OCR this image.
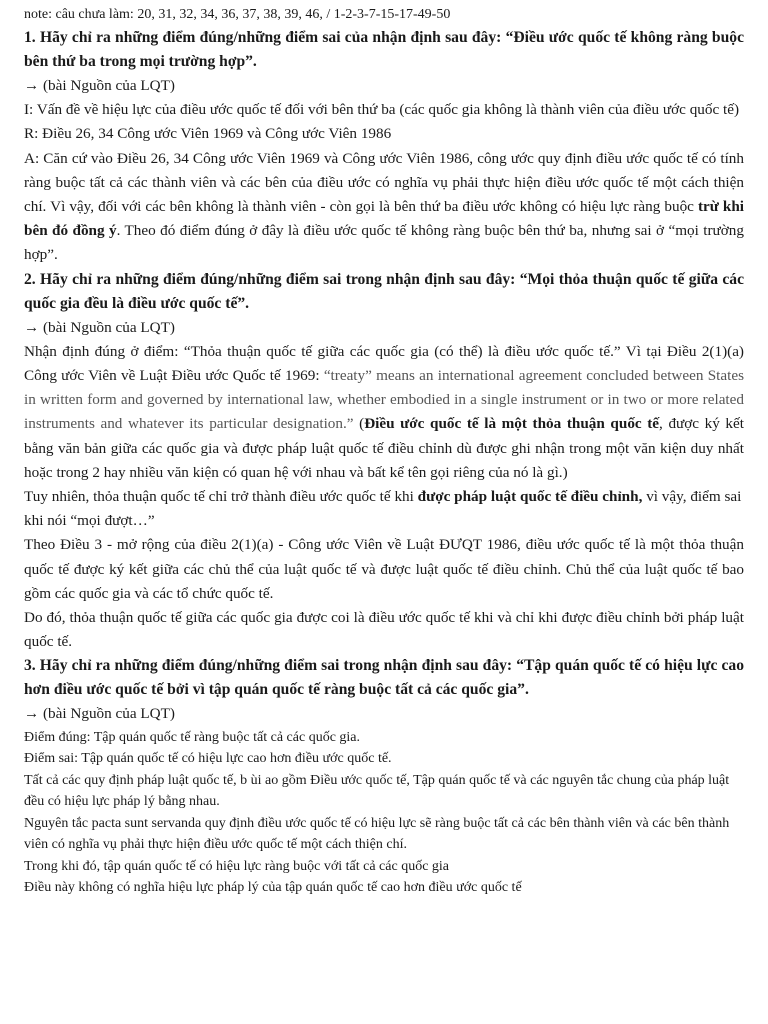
note: câu chưa làm: 20, 31, 32, 34, 36, 37, 38, 39, 46, / 1-2-3-7-15-17-49-50

1. Hãy chỉ ra những điểm đúng/những điểm sai của nhận định sau đây: “Điều ước quốc tế không ràng buộc bên thứ ba trong mọi trường hợp”.

→ (bài Nguồn của LQT)

I: Vấn đề về hiệu lực của điều ước quốc tế đối với bên thứ ba (các quốc gia không là thành viên của điều ước quốc tế)

R: Điều 26, 34 Công ước Viên 1969 và Công ước Viên 1986

A: Căn cứ vào Điều 26, 34 Công ước Viên 1969 và Công ước Viên 1986, công ước quy định điều ước quốc tế có tính ràng buộc tất cả các thành viên và các bên của điều ước có nghĩa vụ phải thực hiện điều ước quốc tế một cách thiện chí. Vì vậy, đối với các bên không là thành viên - còn gọi là bên thứ ba điều ước không có hiệu lực ràng buộc trừ khi bên đó đồng ý. Theo đó điểm đúng ở đây là điều ước quốc tế không ràng buộc bên thứ ba, nhưng sai ở “mọi trường hợp”.

2. Hãy chỉ ra những điểm đúng/những điểm sai trong nhận định sau đây: “Mọi thỏa thuận quốc tế giữa các quốc gia đều là điều ước quốc tế”.

→ (bài Nguồn của LQT)

Nhận định đúng ở điểm: “Thỏa thuận quốc tế giữa các quốc gia (có thể) là điều ước quốc tế.” Vì tại Điều 2(1)(a) Công ước Viên về Luật Điều ước Quốc tế 1969: “treaty” means an international agreement concluded between States in written form and governed by international law, whether embodied in a single instrument or in two or more related instruments and whatever its particular designation.” (Điều ước quốc tế là một thỏa thuận quốc tế, được ký kết bằng văn bản giữa các quốc gia và được pháp luật quốc tế điều chỉnh dù được ghi nhận trong một văn kiện duy nhất hoặc trong 2 hay nhiều văn kiện có quan hệ với nhau và bất kể tên gọi riêng của nó là gì.)

Tuy nhiên, thỏa thuận quốc tế chỉ trở thành điều ước quốc tế khi được pháp luật quốc tế điều chỉnh, vì vậy, điểm sai khi nói “mọi đượt…”

Theo Điều 3 - mở rộng của điều 2(1)(a) - Công ước Viên về Luật ĐƯQT 1986, điều ước quốc tế là một thỏa thuận quốc tế được ký kết giữa các chủ thể của luật quốc tế và được luật quốc tế điều chỉnh. Chủ thể của luật quốc tế bao gồm các quốc gia và các tổ chức quốc tế.

Do đó, thỏa thuận quốc tế giữa các quốc gia được coi là điều ước quốc tế khi và chỉ khi được điều chỉnh bởi pháp luật quốc tế.

3. Hãy chỉ ra những điểm đúng/những điểm sai trong nhận định sau đây: “Tập quán quốc tế có hiệu lực cao hơn điều ước quốc tế bởi vì tập quán quốc tế ràng buộc tất cả các quốc gia”.

→ (bài Nguồn của LQT)

Điểm đúng: Tập quán quốc tế ràng buộc tất cả các quốc gia.

Điểm sai: Tập quán quốc tế có hiệu lực cao hơn điều ước quốc tế.

Tất cả các quy định pháp luật quốc tế, b ùi ao gồm Điều ước quốc tế, Tập quán quốc tế và các nguyên tắc chung của pháp luật đều có hiệu lực pháp lý bằng nhau.

Nguyên tắc pacta sunt servanda quy định điều ước quốc tế có hiệu lực sẽ ràng buộc tất cả các bên thành viên và các bên thành viên có nghĩa vụ phải thực hiện điều ước quốc tế một cách thiện chí.

Trong khi đó, tập quán quốc tế có hiệu lực ràng buộc với tất cả các quốc gia

Điều này không có nghĩa hiệu lực pháp lý của tập quán quốc tế cao hơn điều ước quốc tế
